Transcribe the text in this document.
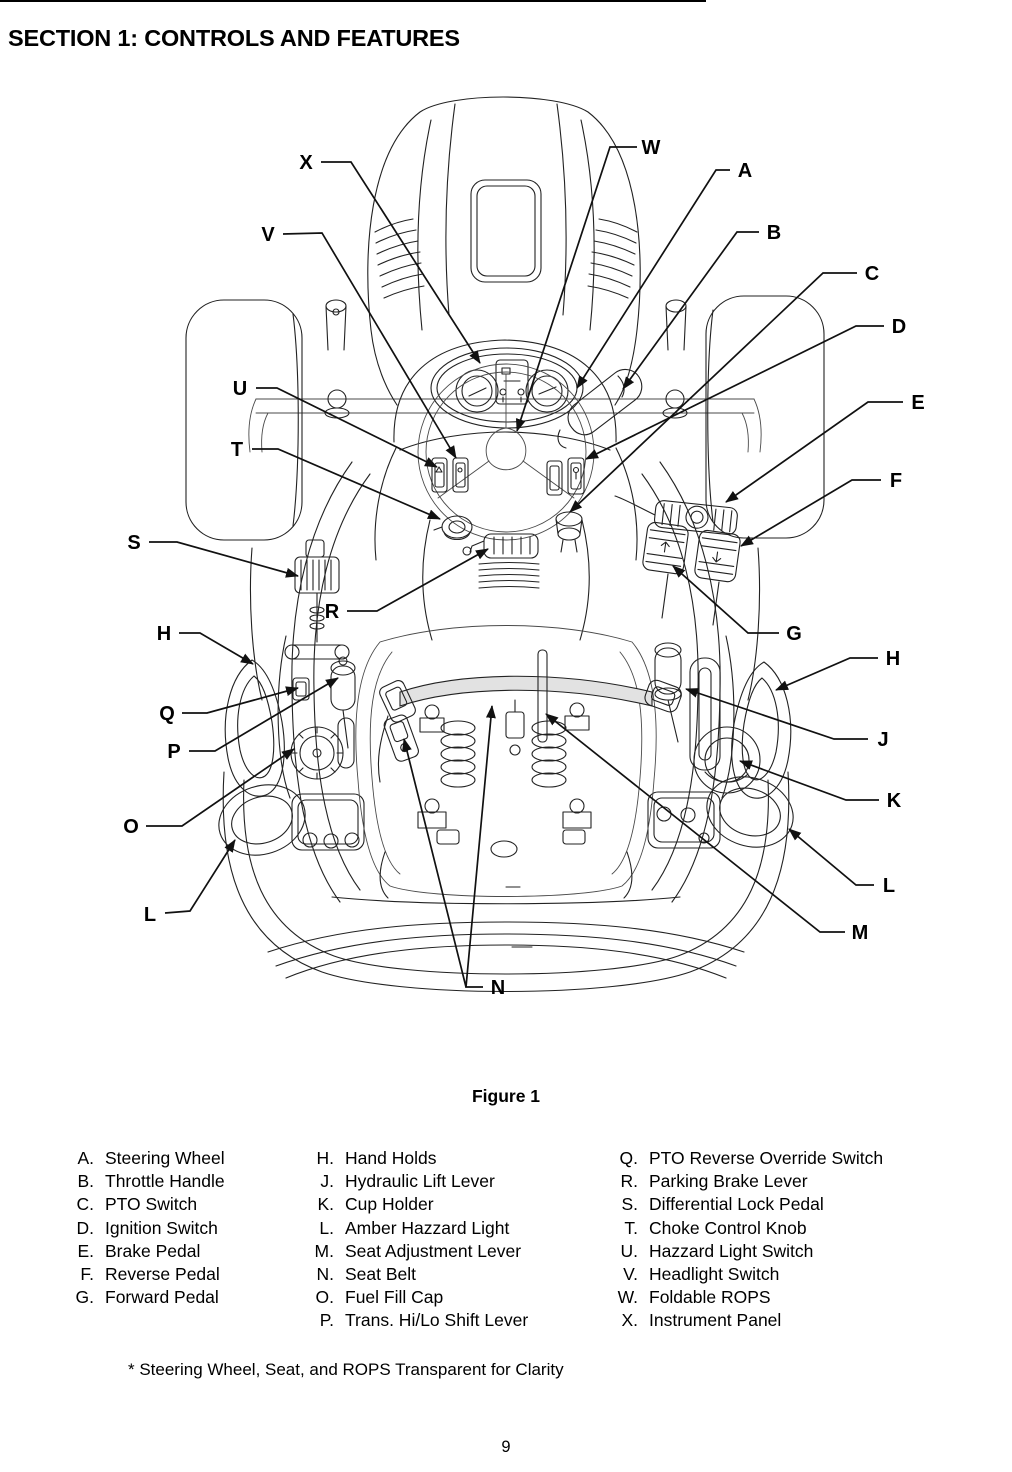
SECTION 1: CONTROLS AND FEATURES
X
V
U
T
S
R
H
Q
P
O
L
N
M
L
K
J
H
G
F
E
D
C
B
A
W
Figure 1
A. Steering Wheel
B. Throttle Handle
C. PTO Switch
D. Ignition Switch
E. Brake Pedal
F. Reverse Pedal
G. Forward Pedal
H. Hand Holds
J. Hydraulic Lift Lever
K. Cup Holder
L. Amber Hazzard Light
M. Seat Adjustment Lever
N. Seat Belt
O. Fuel Fill Cap
P. Trans. Hi/Lo Shift Lever
Q. PTO Reverse Override Switch
R. Parking Brake Lever
S. Differential Lock Pedal
T. Choke Control Knob
U. Hazzard Light Switch
V. Headlight Switch
W. Foldable ROPS
X. Instrument Panel
* Steering Wheel, Seat, and ROPS Transparent for Clarity
9
